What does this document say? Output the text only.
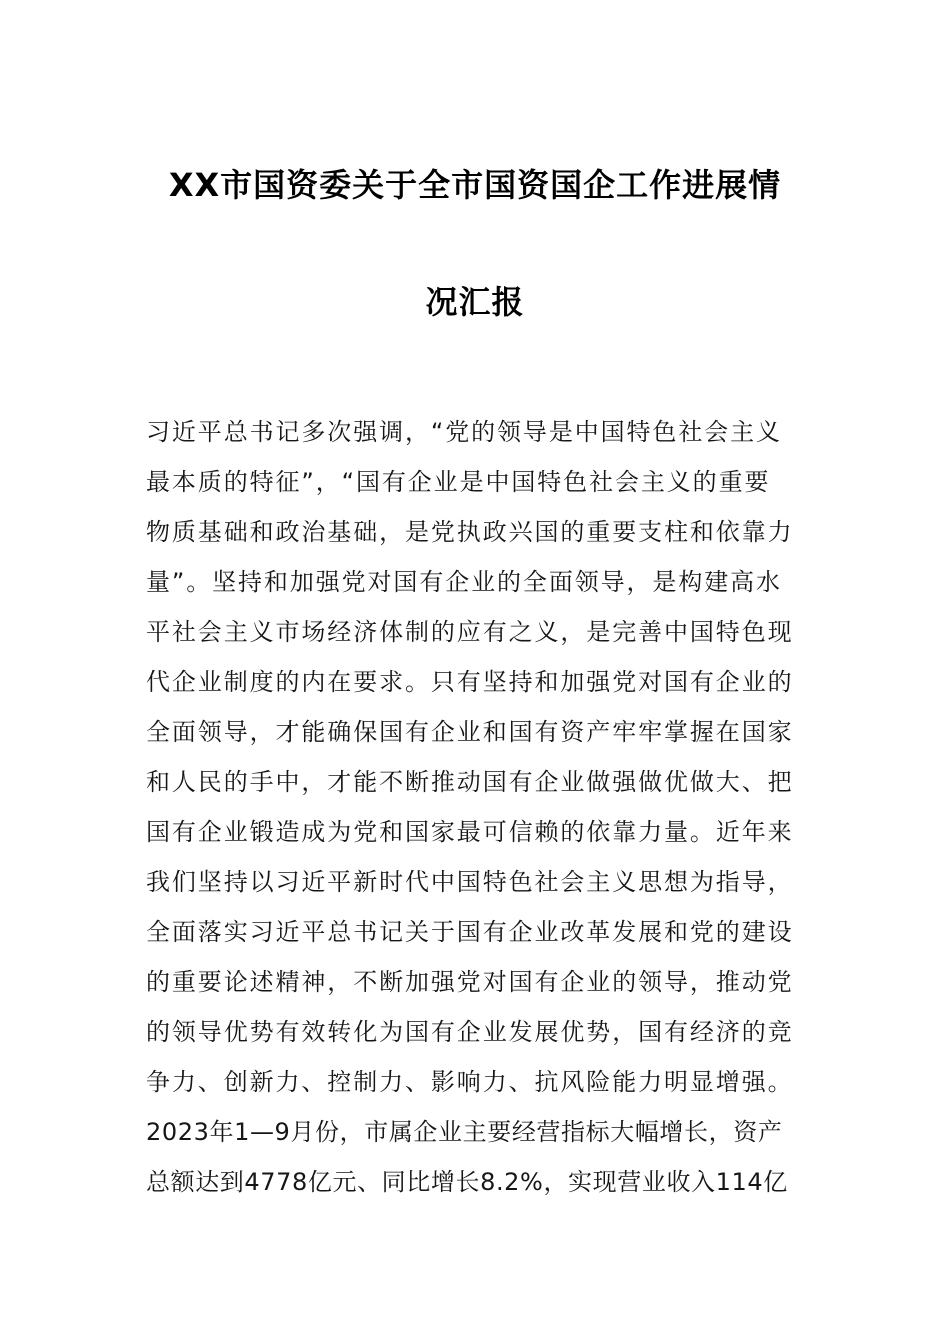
XX市国资委关于全市国资国企工作进展情
况汇报
习近平总书记多次强调，“党的领导是中国特色社会主义
最本质的特征”，“国有企业是中国特色社会主义的重要
物质基础和政治基础，是党执政兴国的重要支柱和依靠力
量”。坚持和加强党对国有企业的全面领导，是构建高水
平社会主义市场经济体制的应有之义，是完善中国特色现
代企业制度的内在要求。只有坚持和加强党对国有企业的
全面领导，才能确保国有企业和国有资产牢牢掌握在国家
和人民的手中，才能不断推动国有企业做强做优做大、把
国有企业锻造成为党和国家最可信赖的依靠力量。近年来
我们坚持以习近平新时代中国特色社会主义思想为指导，
全面落实习近平总书记关于国有企业改革发展和党的建设
的重要论述精神，不断加强党对国有企业的领导，推动党
的领导优势有效转化为国有企业发展优势，国有经济的竞
争力、创新力、控制力、影响力、抗风险能力明显增强。
2023年1—9月份，市属企业主要经营指标大幅增长，资产
总额达到4778亿元、同比增长8.2%，实现营业收入114亿
